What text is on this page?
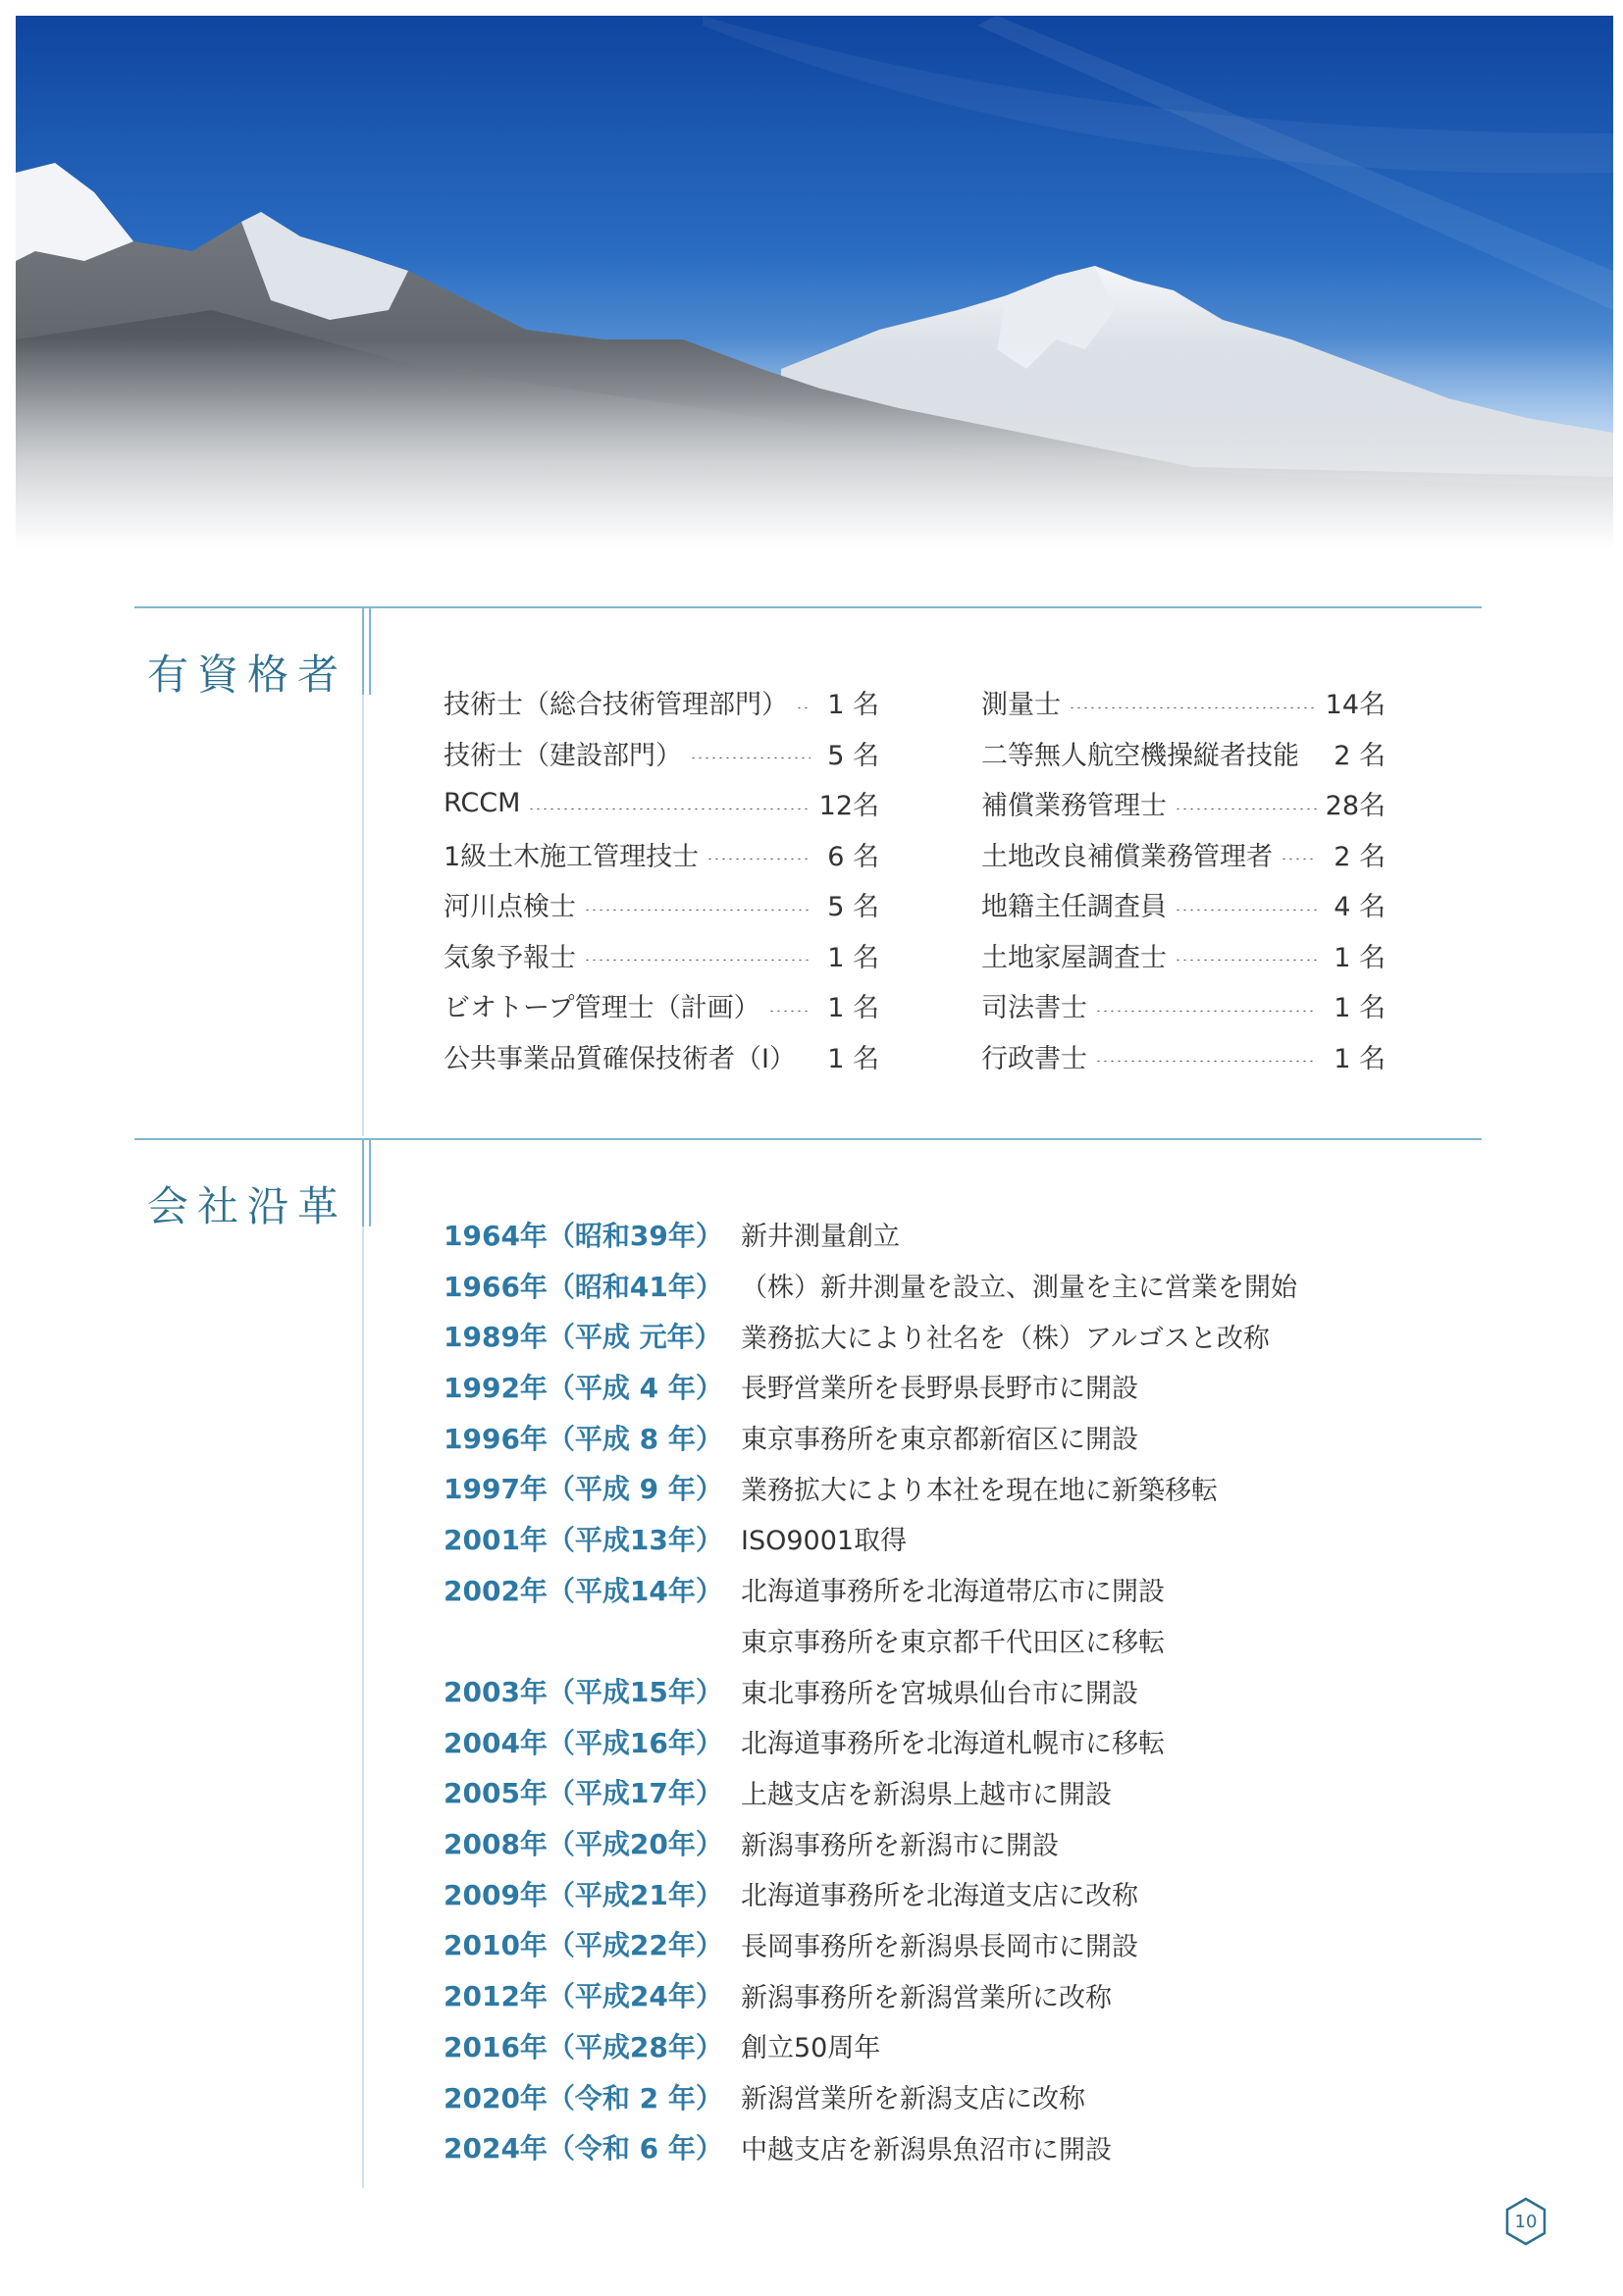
有資格者
技術士（総合技術管理部門）	1 名
技術士（建設部門）	5 名
RCCM	12名
1級土木施工管理技士	6 名
河川点検士	5 名
気象予報士	1 名
ビオトープ管理士（計画）	1 名
公共事業品質確保技術者（I）	1 名
測量士	14名
二等無人航空機操縦者技能	2 名
補償業務管理士	28名
土地改良補償業務管理者	2 名
地籍主任調査員	4 名
土地家屋調査士	1 名
司法書士	1 名
行政書士	1 名
会社沿革
1964年（昭和39年） 新井測量創立
1966年（昭和41年） （株）新井測量を設立、測量を主に営業を開始
1989年（平成 元年） 業務拡大により社名を（株）アルゴスと改称
1992年（平成 4 年） 長野営業所を長野県長野市に開設
1996年（平成 8 年） 東京事務所を東京都新宿区に開設
1997年（平成 9 年） 業務拡大により本社を現在地に新築移転
2001年（平成13年） ISO9001取得
2002年（平成14年） 北海道事務所を北海道帯広市に開設
東京事務所を東京都千代田区に移転
2003年（平成15年） 東北事務所を宮城県仙台市に開設
2004年（平成16年） 北海道事務所を北海道札幌市に移転
2005年（平成17年） 上越支店を新潟県上越市に開設
2008年（平成20年） 新潟事務所を新潟市に開設
2009年（平成21年） 北海道事務所を北海道支店に改称
2010年（平成22年） 長岡事務所を新潟県長岡市に開設
2012年（平成24年） 新潟事務所を新潟営業所に改称
2016年（平成28年） 創立50周年
2020年（令和 2 年） 新潟営業所を新潟支店に改称
2024年（令和 6 年） 中越支店を新潟県魚沼市に開設
10
